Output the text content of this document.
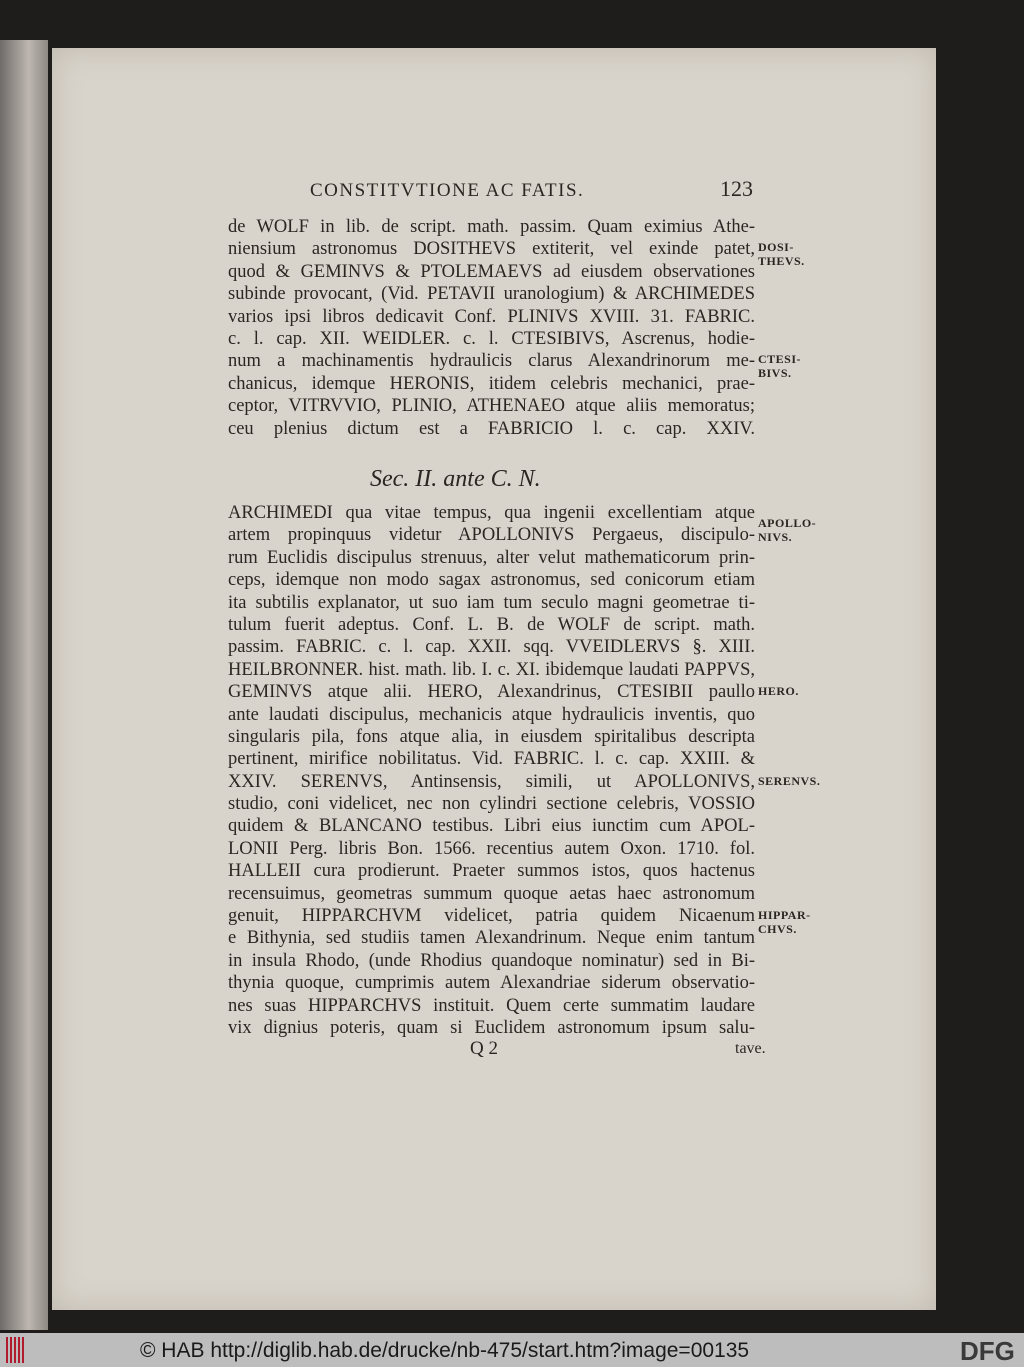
CONSTITVTIONE AC FATIS.	123
de WOLF in lib. de script. math. passim. Quam eximius Athe-
niensium astronomus DOSITHEVS extiterit, vel exinde patet,
quod & GEMINVS & PTOLEMAEVS ad eiusdem observationes
subinde provocant, (Vid. PETAVII uranologium) & ARCHIMEDES
varios ipsi libros dedicavit Conf. PLINIVS XVIII. 31. FABRIC.
c. l. cap. XII. WEIDLER. c. l. CTESIBIVS, Ascrenus, hodie-
num a machinamentis hydraulicis clarus Alexandrinorum me-
chanicus, idemque HERONIS, itidem celebris mechanici, prae-
ceptor, VITRVVIO, PLINIO, ATHENAEO atque aliis memoratus;
ceu plenius dictum est a FABRICIO l. c. cap. XXIV.
Sec. II. ante C. N.
ARCHIMEDI qua vitae tempus, qua ingenii excellentiam atque
artem propinquus videtur APOLLONIVS Pergaeus, discipulo-
rum Euclidis discipulus strenuus, alter velut mathematicorum prin-
ceps, idemque non modo sagax astronomus, sed conicorum etiam
ita subtilis explanator, ut suo iam tum seculo magni geometrae ti-
tulum fuerit adeptus. Conf. L. B. de WOLF de script. math.
passim. FABRIC. c. l. cap. XXII. sqq. VVEIDLERVS §. XIII.
HEILBRONNER. hist. math. lib. I. c. XI. ibidemque laudati PAPPVS,
GEMINVS atque alii. HERO, Alexandrinus, CTESIBII paullo
ante laudati discipulus, mechanicis atque hydraulicis inventis, quo
singularis pila, fons atque alia, in eiusdem spiritalibus descripta
pertinent, mirifice nobilitatus. Vid. FABRIC. l. c. cap. XXIII. &
XXIV. SERENVS, Antinsensis, simili, ut APOLLONIVS,
studio, coni videlicet, nec non cylindri sectione celebris, VOSSIO
quidem & BLANCANO testibus. Libri eius iunctim cum APOL-
LONII Perg. libris Bon. 1566. recentius autem Oxon. 1710. fol.
HALLEII cura prodierunt. Praeter summos istos, quos hactenus
recensuimus, geometras summum quoque aetas haec astronomum
genuit, HIPPARCHVM videlicet, patria quidem Nicaenum
e Bithynia, sed studiis tamen Alexandrinum. Neque enim tantum
in insula Rhodo, (unde Rhodius quandoque nominatur) sed in Bi-
thynia quoque, cumprimis autem Alexandriae siderum observatio-
nes suas HIPPARCHVS instituit. Quem certe summatim laudare
vix dignius poteris, quam si Euclidem astronomum ipsum salu-
DOSI-
THEVS.
CTESI-
BIVS.
APOLLO-
NIVS.
HERO.
SERENVS.
HIPPAR-
CHVS.
Q 2	tave.
© HAB http://diglib.hab.de/drucke/nb-475/start.htm?image=00135	DFG
